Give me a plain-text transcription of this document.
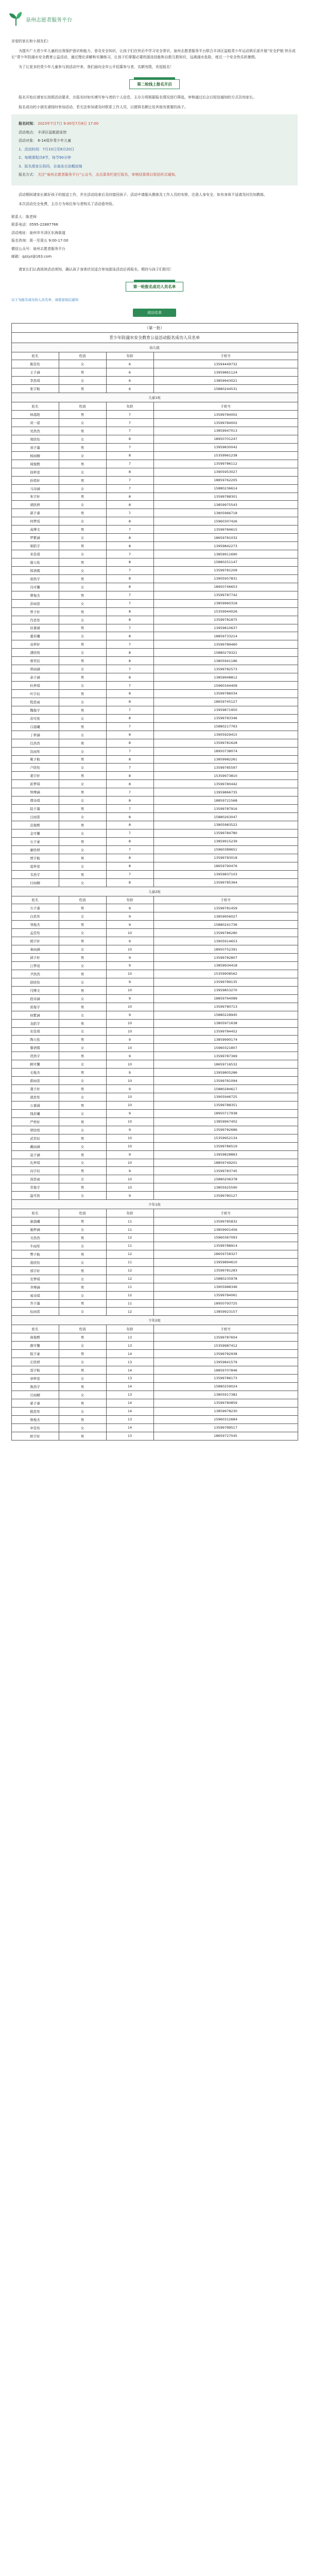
泉州志愿者服务平台

亲爱的家长和小朋友们：

为提升广大青少年儿童的自我保护意识和能力，普及安全知识，让孩子们在快乐中学习安全常识，泉州志愿者服务平台联合丰泽区溢航青少年运动俱乐部开展“安全护航·快乐成长”青少年防溺水安全教育公益活动，通过理论讲解和实操练习，让孩子们掌握必要的游泳技能和自救互救知识，远离溺水危险，度过一个安全快乐的暑假。

为了让更多的青少年儿童参与到活动中来，我们面向全市公开招募参与者，名额有限，欢迎报名！

第二轮线上报名开启

报名开始后请家长按照活动要求，在报名时如实填写参与者的个人信息，主办方将根据报名情况进行筛选，审核通过后会以短信通知的方式告知家长。

报名成功的小朋友请按时参加活动，若无法参加请及时联系工作人员，以便将名额让给其他有需要的孩子。

报名时间： 2023年7月7日 9:00至7月8日 17:00

活动地点： 丰泽区溢航游泳馆

活动对象： 6-14周岁青少年儿童

1、活动时间：7月10日至8月20日

2、每期课程共8节，每节90分钟

3、报名需家长陪同，自备泳衣泳帽泳镜

报名方式： 关注“泉州志愿者服务平台”公众号，点击菜单栏进行报名，审核结果将以短信形式通知。

活动期间请家长做好孩子的接送工作，并在活动结束后及时接回孩子。活动中请服从教练及工作人员的安排，注意人身安全，如有身体不适请及时告知教练。

本次活动完全免费，主办方为每位参与者购买了活动意外险。

联系人：陈老师

联系电话：0595-22887766

活动地址：泉州市丰泽区东海街道

报名咨询：周一至周五 9:00-17:00

微信公众号：泉州志愿者服务平台

邮箱：qzzyz@163.com

请家长们认真阅读活动须知，确认孩子身体状况适合参加游泳活动后再报名。期待与孩子们相见！

第一轮报名成功人员名单

以下为报名成功的人员名单，请留意短信通知

成功名单
（第一批）			
青少年防溺水安全教育公益活动报名成功人员名单			
幼儿组			
姓名	性别	年龄	手机号
陈佳怡	女	6	13594449732
王子涵	男	6	13959861124
李思琪	女	6	13859943021
张宇航	男	6	15880244531
儿童1班			
姓名	性别	年龄	手机号
林晨阳	男	7	13599784002
黄一诺	女	7	13599784002
吴浩然	男	7	13859947013
郑欣怡	女	8	18950701247
刘子墨	男	7	13959830042
杨雨桐	女	8	15359961238
周俊熙	男	7	13599786112
徐梓萱	女	8	13905953027
孙铭轩	男	7	18859762205
马诗涵	女	7	15880236614
朱宇轩	男	8	13599788301
胡欣妍	女	8	13859975543
郭子睿	男	7	13805966718
何梦瑶	女	8	15960307426
高博文	男	7	13599784615
罗紫涵	女	8	18659781032
梁皓宇	男	8	13959842273
宋佳琪	女	7	13859911690
谢天佑	男	8	15880251147
韩语嫣	女	7	13599781209
唐浩宇	男	8	13905957831
冯可馨	女	8	18950746653
曹俊杰	男	7	13599787742
彭雨萱	女	7	13859960318
曾子轩	男	8	15359944026
肖思彤	女	8	13599781875
田嘉诚	男	7	13959810637
董若曦	女	8	18859733214
袁梓轩	男	7	13599789460
潘欣悦	女	8	15880279321
蔡奕辰	男	8	13805941186
蒋雨涵	女	7	13599782573
余子涵	男	8	13859948812
杜梓琪	女	7	15960344409
叶宇辰	男	8	13599786034
程思雨	女	8	18659745127
魏俊宇	男	7	13959871950
苏可欣	女	8	13599783346
吕晨曦	男	7	15880217763
丁梓涵	女	8	13905929415
任浩然	男	8	13599781628
沈雨彤	女	7	18950738074
姚子航	男	8	13859982261
卢欣怡	女	7	13599785597
姜宇轩	男	8	15359973810
崔梦琪	女	8	13599780442
钟博涵	男	7	13959866735
谭诗琪	女	8	18859721568
陆子墨	男	7	13599787916
汪雨萱	女	8	15880263047
范俊熙	男	8	13805983522
金可馨	女	7	13599784780
石子豪	男	8	13859915239
廖欣妍	女	7	15960389651
贾宇航	男	8	13599783018
夏梓萱	女	8	18659790476
韦浩宇	男	7	13959837103
付雨桐	女	8	13599785364
儿童2班			
姓名	性别	年龄	手机号
方子睿	男	9	13599781459
白思彤	女	9	13859956027
邹俊杰	男	9	15880241736
孟佳怡	女	10	13599786280
熊宇轩	男	9	13905914653
秦雨涵	女	10	18950752391
邱子轩	男	9	13599782807
江梦瑶	女	9	13859934418
尹浩然	男	10	15359908562
薛欣怡	女	9	13599789135
闫博文	男	10	13959853270
段诗涵	女	9	18859764089
雷俊宇	男	10	13599780713
侯紫涵	女	9	15880228945
龙皓宇	男	10	13805971638
史佳琪	女	10	13599784452
陶天佑	男	9	13859990174
黎语嫣	女	10	15960321807
贺浩宇	男	9	13599787369
顾可馨	女	10	18659716532
毛俊杰	男	9	13959805286
郝雨萱	女	10	13599781094
龚子轩	男	9	15880284617
邵思彤	女	10	13905946725
万嘉诚	男	10	13599788351
钱若曦	女	9	18950717938
严梓轩	男	10	13859967402
覃欣悦	女	9	13599782686
武奕辰	男	10	15359952134
戴雨涵	女	10	13599786519
莫子涵	男	9	13959828863
孔梓琪	女	10	18859749201
向宇辰	男	9	13599783745
汤思雨	女	10	15880206378
常俊宇	男	10	13805925590
温可欣	女	9	13599780127
少年1班			
姓名	性别	年龄	手机号
康晨曦	男	11	13599785832
施梓涵	女	11	13859901456
文浩然	男	12	15960367093
牛雨彤	女	11	13599788914
樊子航	男	12	18659758327
葛欣怡	女	11	13959894610
邢宇轩	男	12	13599781283
安梦琪	女	12	15880235978
齐博涵	男	11	13905988346
易诗琪	女	12	13599784061
乔子墨	男	11	18950793725
伍雨萱	女	12	13859923157
少年2班			
姓名	性别	年龄	手机号
庞俊熙	男	13	13599787604
颜可馨	女	13	15359987412
倪子豪	男	14	13599782938
庄欣妍	女	13	13959841579
聂宇航	男	14	18859707846
章梓萱	女	13	13599786173
鲁浩宇	男	14	15880259024
岳雨桐	女	13	13805917382
翟子睿	男	14	13599780859
殷思彤	女	14	13859978230
詹俊杰	男	13	15960312684
申佳怡	女	14	13599789517
欧宇轩	男	13	18659727045
